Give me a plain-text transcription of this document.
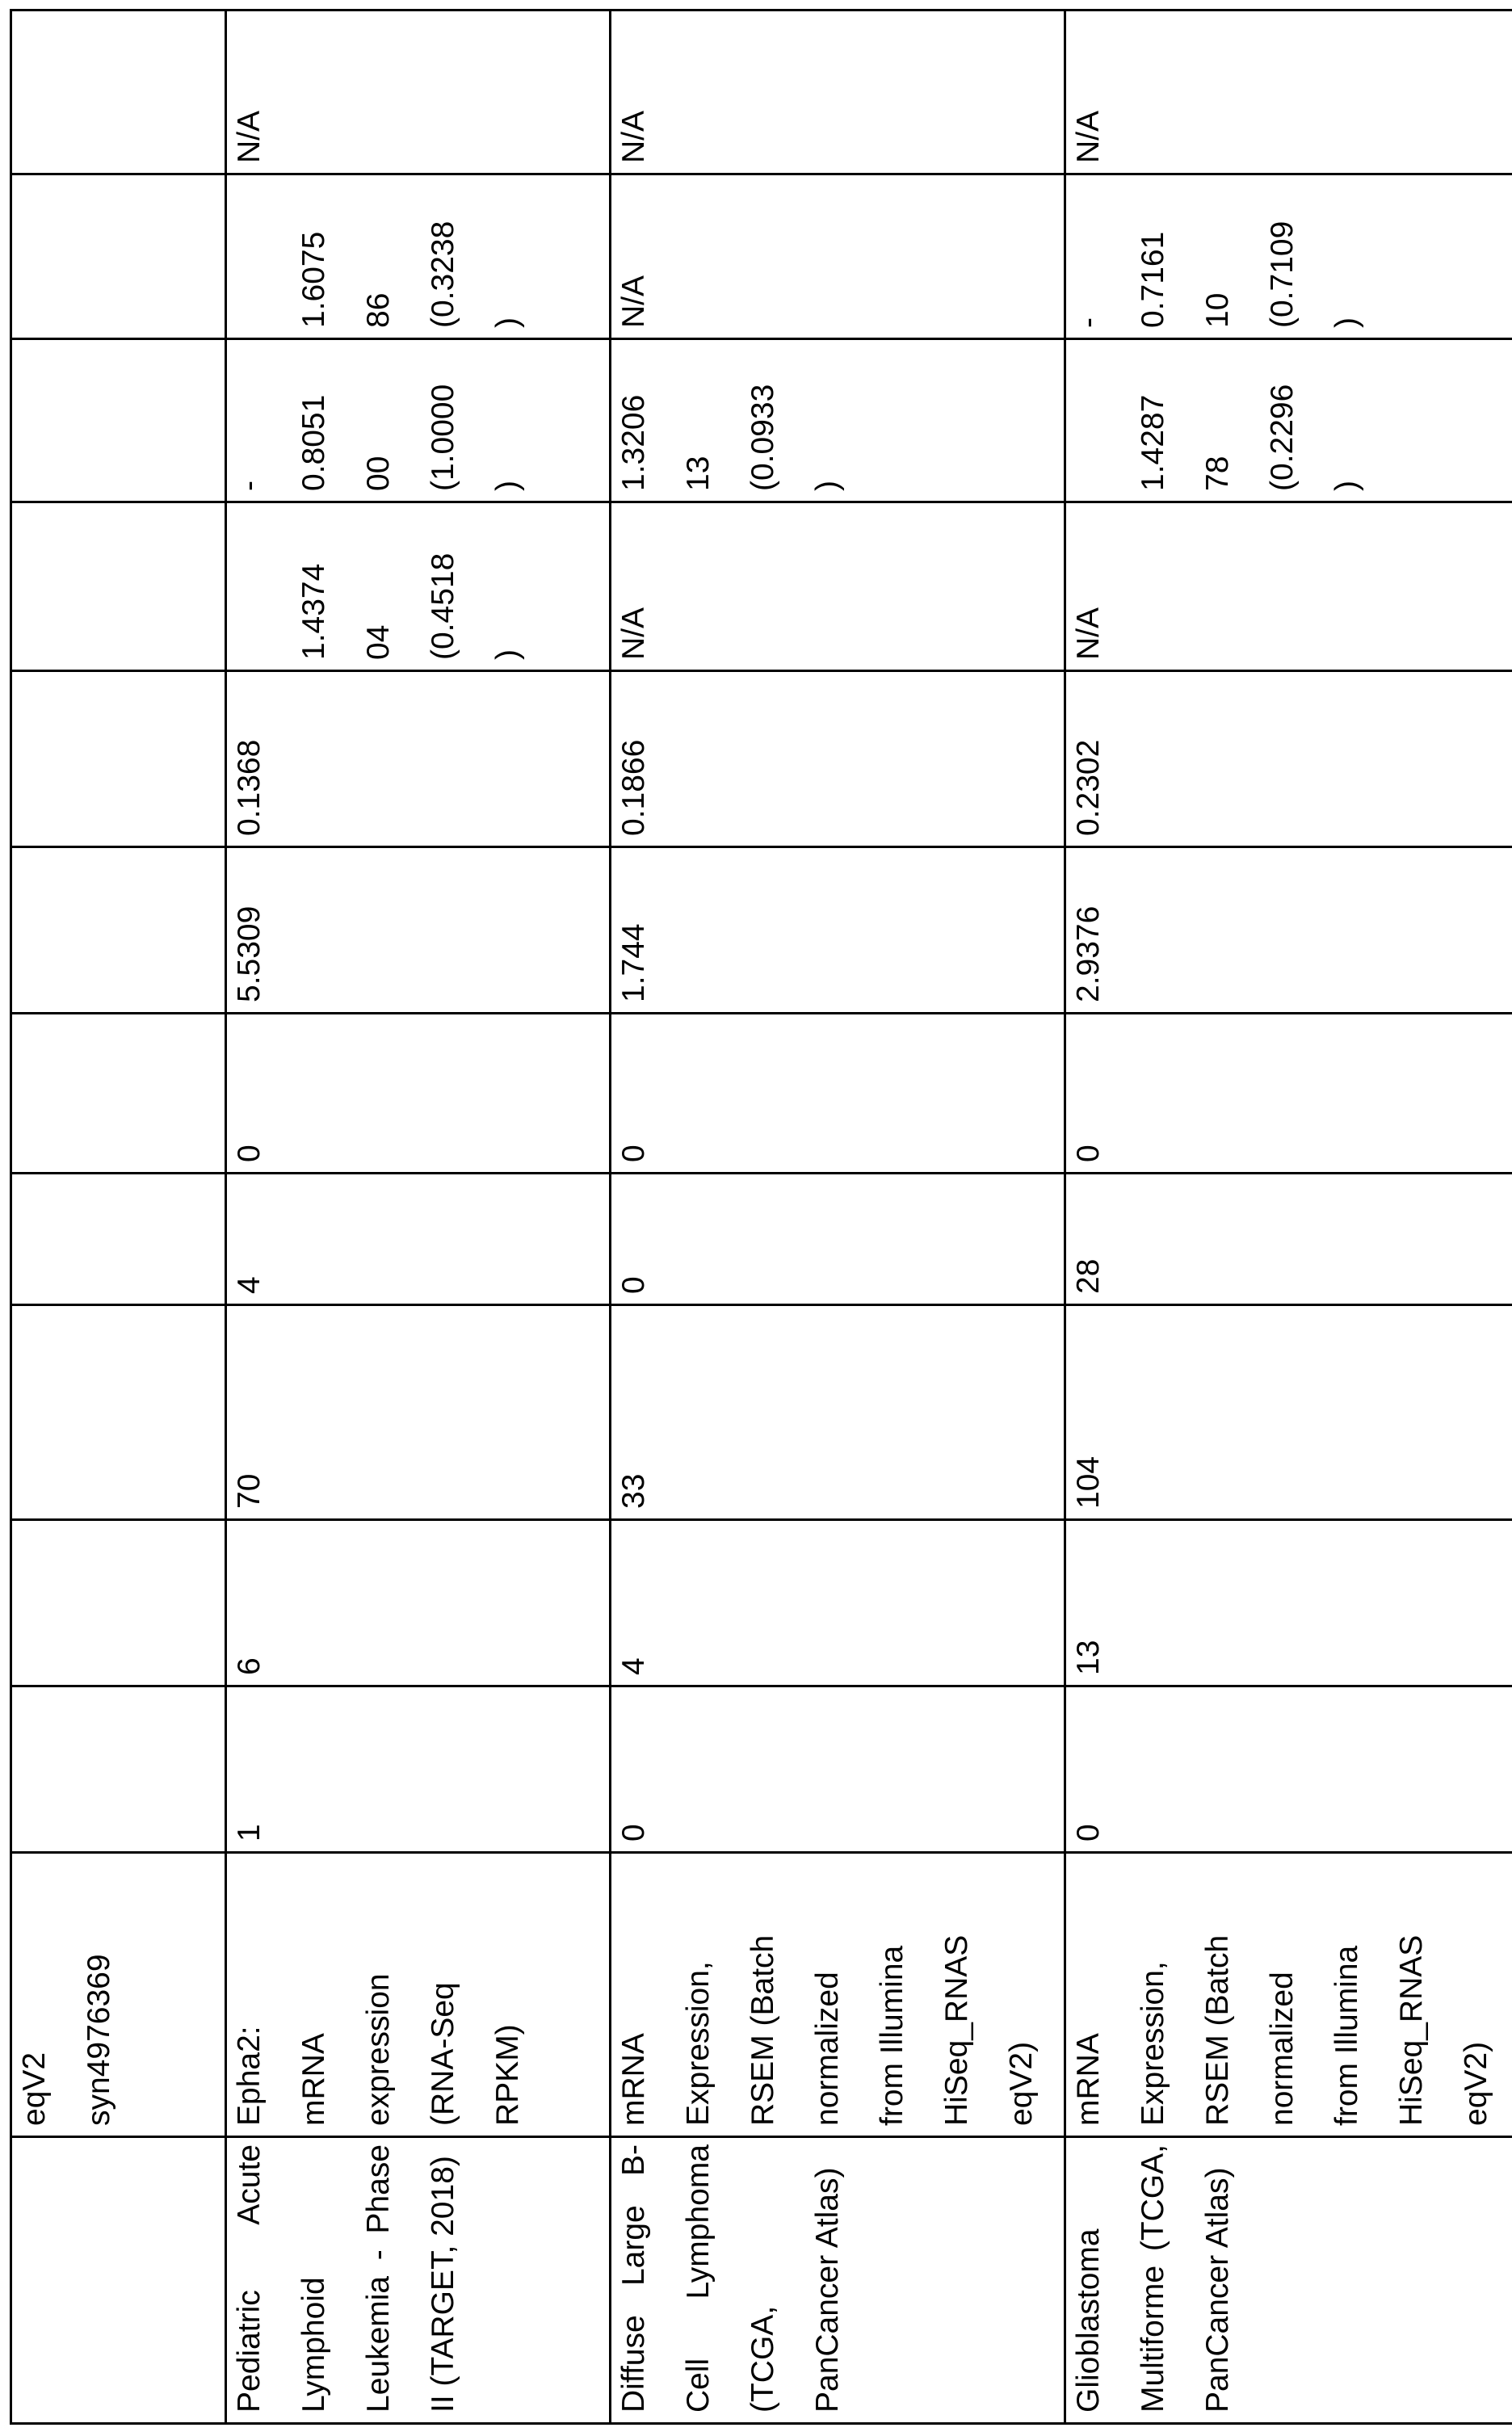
eqV2
syn4976369

Pediatric Acute Lymphoid Leukemia - Phase II (TARGET, 2018)

Epha2:
mRNA
expression
(RNA-Seq
RPKM)

1

6

70

4

0

5.5309

0.1368

1.4374
04
(0.4518
)

-
0.8051
00
(1.0000
)

1.6075
86
(0.3238
)

N/A

Diffuse Large B-Cell Lymphoma (TCGA, PanCancer Atlas)

mRNA
Expression,
RSEM (Batch
normalized
from Illumina
HiSeq_RNAS
eqV2)

0

4

33

0

0

1.744

0.1866

N/A

1.3206
13
(0.0933
)

N/A

N/A

Glioblastoma Multiforme (TCGA, PanCancer Atlas)

mRNA
Expression,
RSEM (Batch
normalized
from Illumina
HiSeq_RNAS
eqV2)

0

13

104

28

0

2.9376

0.2302

N/A

1.4287
78
(0.2296
)

-
0.7161
10
(0.7109
)

N/A
